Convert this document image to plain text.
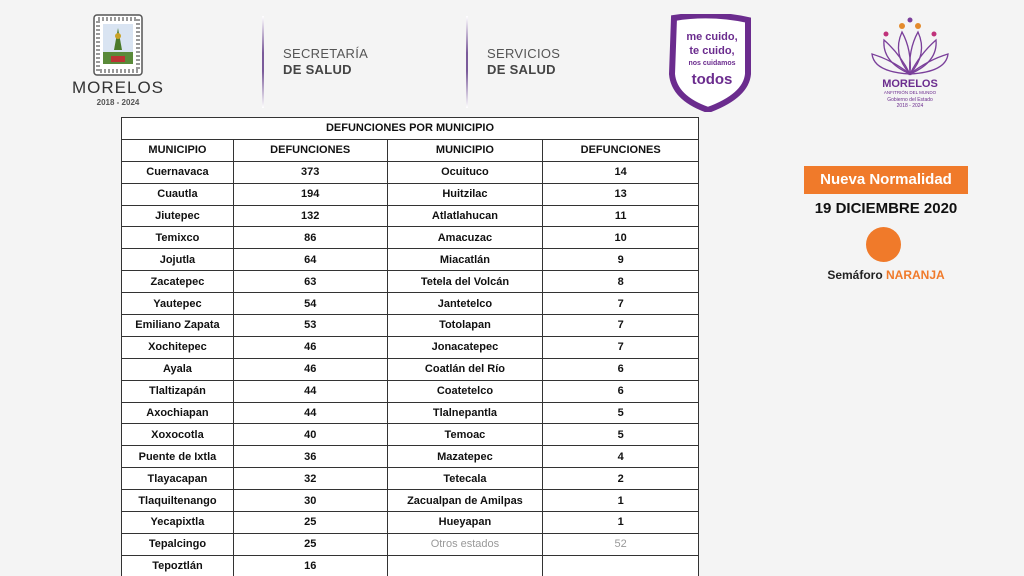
MORELOS
2018 - 2024
SECRETARÍA
DE SALUD
SERVICIOS
DE SALUD
me cuido,
te cuido,
nos cuidamos
todos	MORELOS
ANFITRIÓN DEL MUNDO
Gobierno del Estado
2018 - 2024
DEFUNCIONES POR MUNICIPIO			
MUNICIPIO	DEFUNCIONES	MUNICIPIO	DEFUNCIONES
Cuernavaca	373	Ocuituco	14
Cuautla	194	Huitzilac	13
Jiutepec	132	Atlatlahucan	11
Temixco	86	Amacuzac	10
Jojutla	64	Miacatlán	9
Zacatepec	63	Tetela del Volcán	8
Yautepec	54	Jantetelco	7
Emiliano Zapata	53	Totolapan	7
Xochitepec	46	Jonacatepec	7
Ayala	46	Coatlán del Río	6
Tlaltizapán	44	Coatetelco	6
Axochiapan	44	Tlalnepantla	5
Xoxocotla	40	Temoac	5
Puente de Ixtla	36	Mazatepec	4
Tlayacapan	32	Tetecala	2
Tlaquiltenango	30	Zacualpan de Amilpas	1
Yecapixtla	25	Hueyapan	1
Tepalcingo	25	Otros estados	52
Tepoztlán	16		
Nueva Normalidad
19 DICIEMBRE 2020
Semáforo NARANJA
